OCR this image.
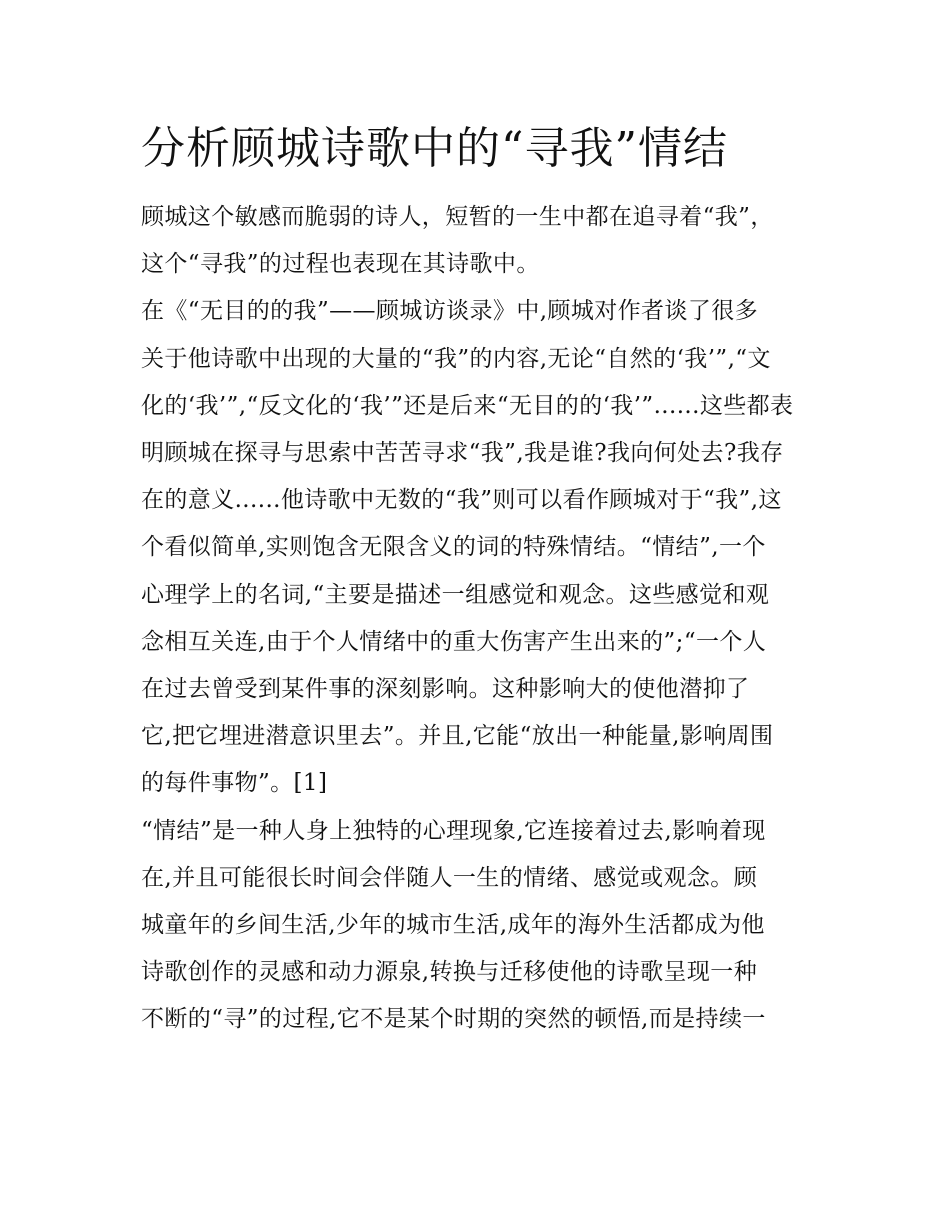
分析顾城诗歌中的“寻我”情结
顾城这个敏感而脆弱的诗人，短暂的一生中都在追寻着“我”，
这个“寻我”的过程也表现在其诗歌中。
在《“无目的的我”——顾城访谈录》中,顾城对作者谈了很多
关于他诗歌中出现的大量的“我”的内容,无论“自然的‘我’”,“文
化的‘我’”,“反文化的‘我’”还是后来“无目的的‘我’”......这些都表
明顾城在探寻与思索中苦苦寻求“我”,我是谁?我向何处去?我存
在的意义......他诗歌中无数的“我”则可以看作顾城对于“我”,这
个看似简单,实则饱含无限含义的词的特殊情结。“情结”,一个
心理学上的名词,“主要是描述一组感觉和观念。这些感觉和观
念相互关连,由于个人情绪中的重大伤害产生出来的”;“一个人
在过去曾受到某件事的深刻影响。这种影响大的使他潜抑了
它,把它埋进潜意识里去”。并且,它能“放出一种能量,影响周围
的每件事物”。[1]
“情结”是一种人身上独特的心理现象,它连接着过去,影响着现
在,并且可能很长时间会伴随人一生的情绪、感觉或观念。顾
城童年的乡间生活,少年的城市生活,成年的海外生活都成为他
诗歌创作的灵感和动力源泉,转换与迁移使他的诗歌呈现一种
不断的“寻”的过程,它不是某个时期的突然的顿悟,而是持续一
